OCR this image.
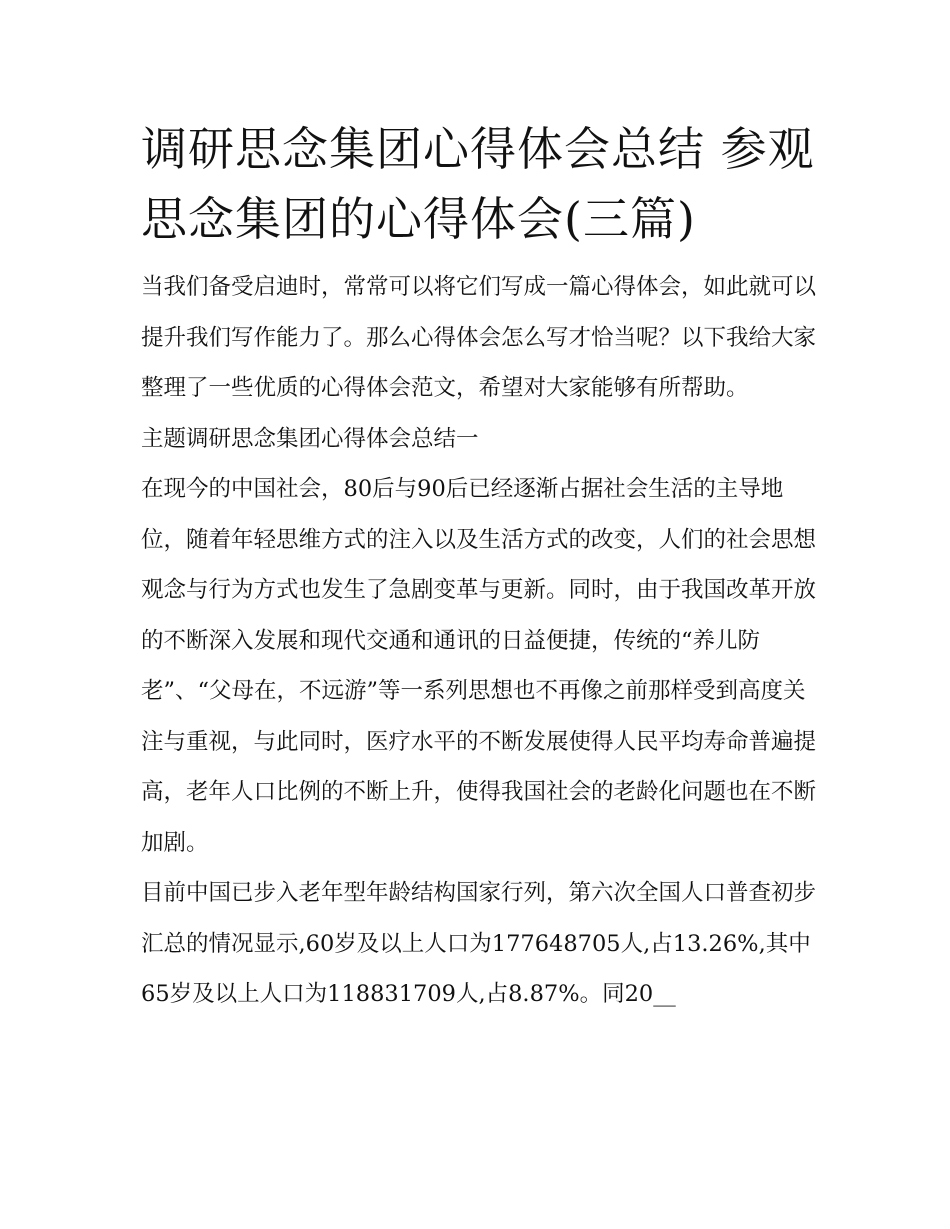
调研思念集团心得体会总结 参观思念集团的心得体会(三篇)

当我们备受启迪时，常常可以将它们写成一篇心得体会，如此就可以提升我们写作能力了。那么心得体会怎么写才恰当呢？以下我给大家整理了一些优质的心得体会范文，希望对大家能够有所帮助。

主题调研思念集团心得体会总结一

在现今的中国社会，80后与90后已经逐渐占据社会生活的主导地位，随着年轻思维方式的注入以及生活方式的改变，人们的社会思想观念与行为方式也发生了急剧变革与更新。同时，由于我国改革开放的不断深入发展和现代交通和通讯的日益便捷，传统的“养儿防老”、“父母在，不远游”等一系列思想也不再像之前那样受到高度关注与重视，与此同时，医疗水平的不断发展使得人民平均寿命普遍提高，老年人口比例的不断上升，使得我国社会的老龄化问题也在不断加剧。

目前中国已步入老年型年龄结构国家行列，第六次全国人口普查初步汇总的情况显示,60岁及以上人口为177648705人,占13.26%,其中65岁及以上人口为118831709人,占8.87%。同20__
